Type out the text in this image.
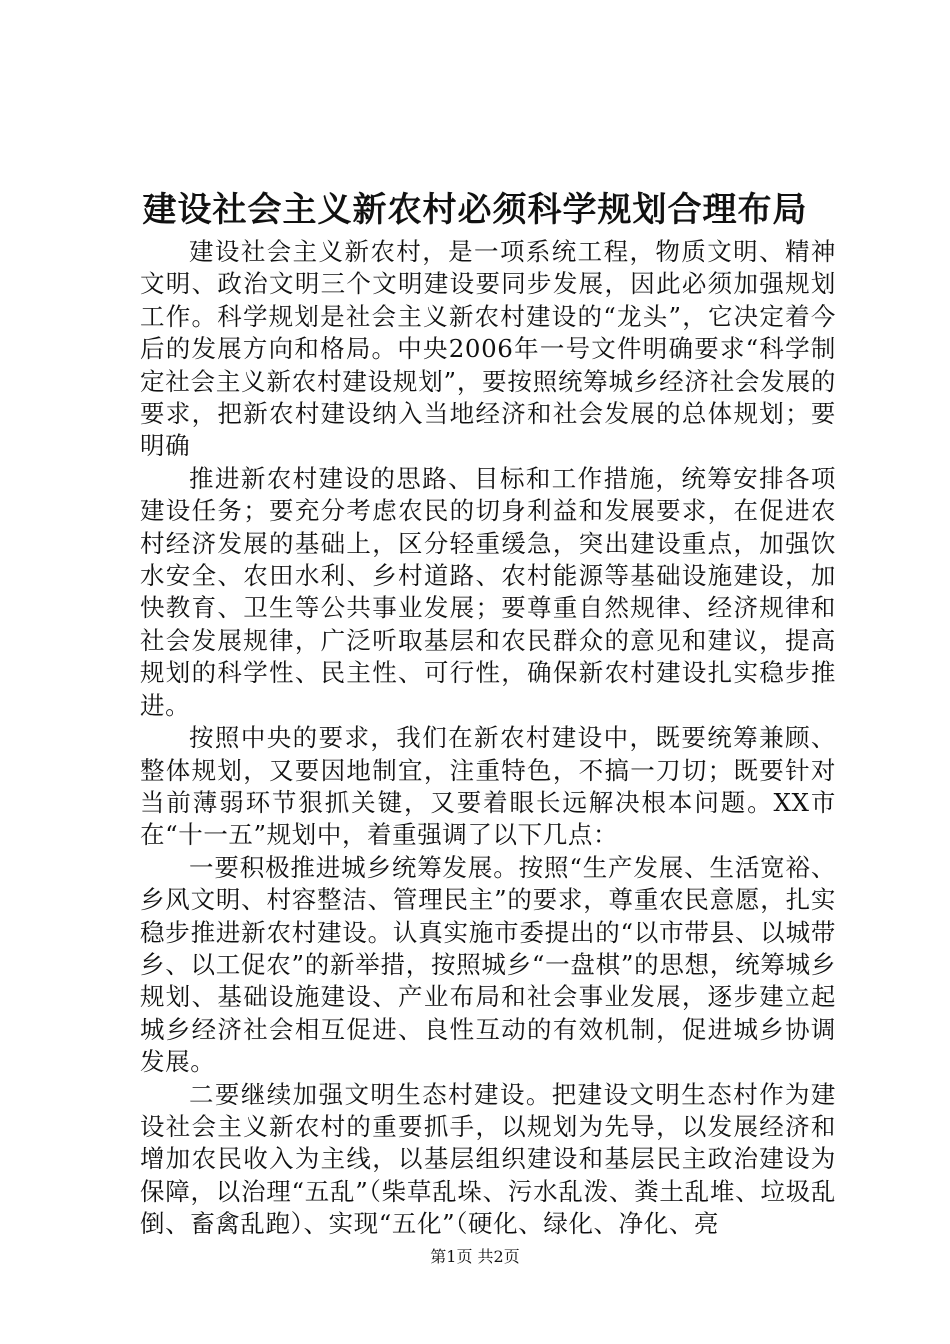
建设社会主义新农村必须科学规划合理布局

建设社会主义新农村，是一项系统工程，物质文明、精神文明、政治文明三个文明建设要同步发展，因此必须加强规划工作。科学规划是社会主义新农村建设的“龙头”，它决定着今后的发展方向和格局。中央2006年一号文件明确要求“科学制定社会主义新农村建设规划”，要按照统筹城乡经济社会发展的要求，把新农村建设纳入当地经济和社会发展的总体规划；要明确

推进新农村建设的思路、目标和工作措施，统筹安排各项建设任务；要充分考虑农民的切身利益和发展要求，在促进农村经济发展的基础上，区分轻重缓急，突出建设重点，加强饮水安全、农田水利、乡村道路、农村能源等基础设施建设，加快教育、卫生等公共事业发展；要尊重自然规律、经济规律和社会发展规律，广泛听取基层和农民群众的意见和建议，提高规划的科学性、民主性、可行性，确保新农村建设扎实稳步推进。

按照中央的要求，我们在新农村建设中，既要统筹兼顾、整体规划，又要因地制宜，注重特色，不搞一刀切；既要针对当前薄弱环节狠抓关键，又要着眼长远解决根本问题。XX市在“十一五”规划中，着重强调了以下几点：

一要积极推进城乡统筹发展。按照“生产发展、生活宽裕、乡风文明、村容整洁、管理民主”的要求，尊重农民意愿，扎实稳步推进新农村建设。认真实施市委提出的“以市带县、以城带乡、以工促农”的新举措，按照城乡“一盘棋”的思想，统筹城乡规划、基础设施建设、产业布局和社会事业发展，逐步建立起城乡经济社会相互促进、良性互动的有效机制，促进城乡协调发展。

二要继续加强文明生态村建设。把建设文明生态村作为建设社会主义新农村的重要抓手，以规划为先导，以发展经济和增加农民收入为主线，以基层组织建设和基层民主政治建设为保障，以治理“五乱”（柴草乱垛、污水乱泼、粪土乱堆、垃圾乱倒、畜禽乱跑）、实现“五化”（硬化、绿化、净化、亮

第1页 共2页
